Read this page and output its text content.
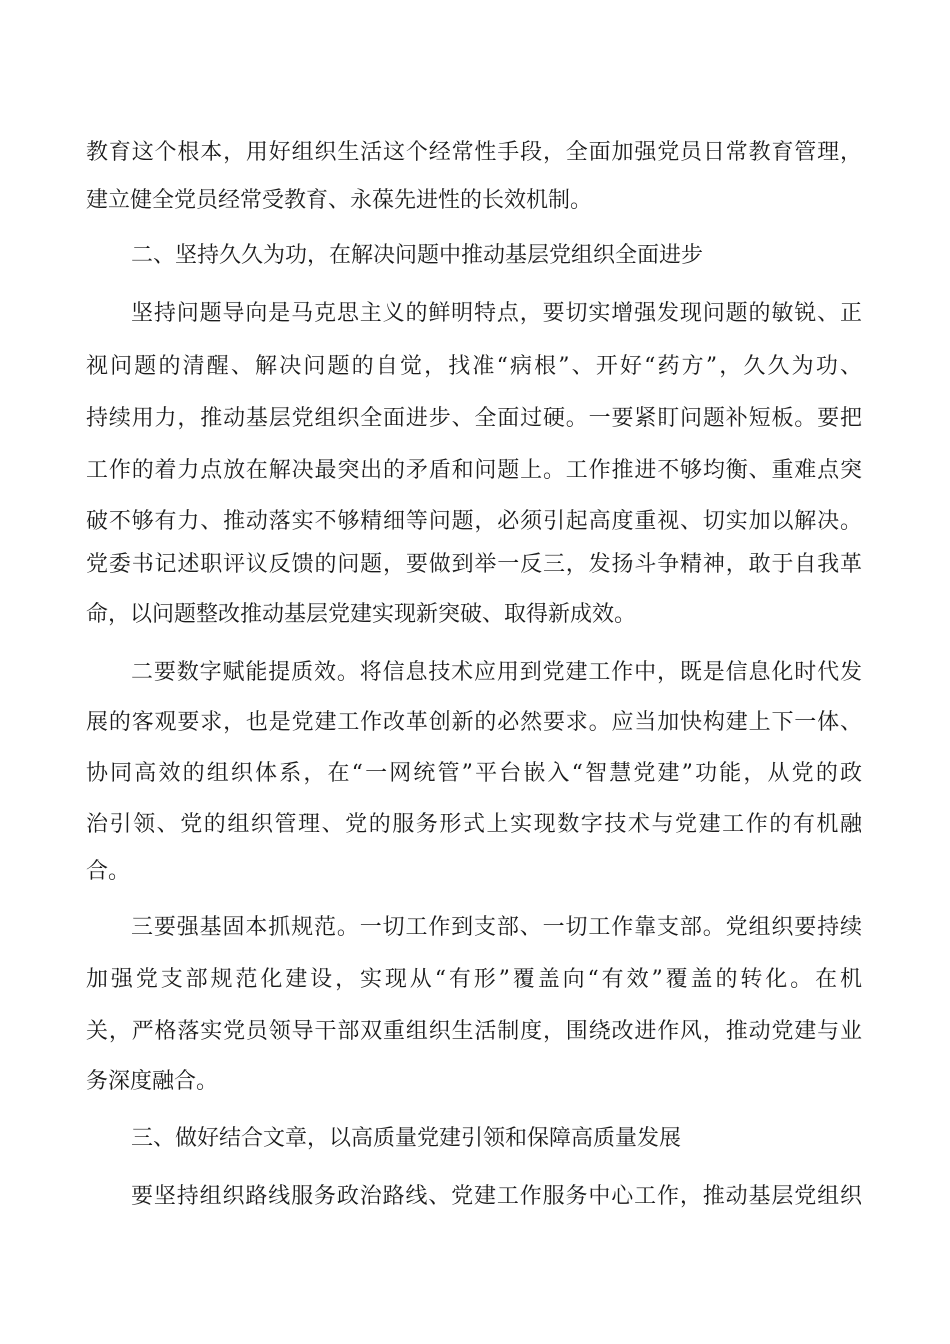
教育这个根本，用好组织生活这个经常性手段，全面加强党员日常教育管理，
建立健全党员经常受教育、永葆先进性的长效机制。
二、坚持久久为功，在解决问题中推动基层党组织全面进步
坚持问题导向是马克思主义的鲜明特点，要切实增强发现问题的敏锐、正
视问题的清醒、解决问题的自觉，找准“病根”、开好“药方”，久久为功、
持续用力，推动基层党组织全面进步、全面过硬。一要紧盯问题补短板。要把
工作的着力点放在解决最突出的矛盾和问题上。工作推进不够均衡、重难点突
破不够有力、推动落实不够精细等问题，必须引起高度重视、切实加以解决。
党委书记述职评议反馈的问题，要做到举一反三，发扬斗争精神，敢于自我革
命，以问题整改推动基层党建实现新突破、取得新成效。
二要数字赋能提质效。将信息技术应用到党建工作中，既是信息化时代发
展的客观要求，也是党建工作改革创新的必然要求。应当加快构建上下一体、
协同高效的组织体系，在“一网统管”平台嵌入“智慧党建”功能，从党的政
治引领、党的组织管理、党的服务形式上实现数字技术与党建工作的有机融
合。
三要强基固本抓规范。一切工作到支部、一切工作靠支部。党组织要持续
加强党支部规范化建设，实现从“有形”覆盖向“有效”覆盖的转化。在机
关，严格落实党员领导干部双重组织生活制度，围绕改进作风，推动党建与业
务深度融合。
三、做好结合文章，以高质量党建引领和保障高质量发展
要坚持组织路线服务政治路线、党建工作服务中心工作，推动基层党组织
